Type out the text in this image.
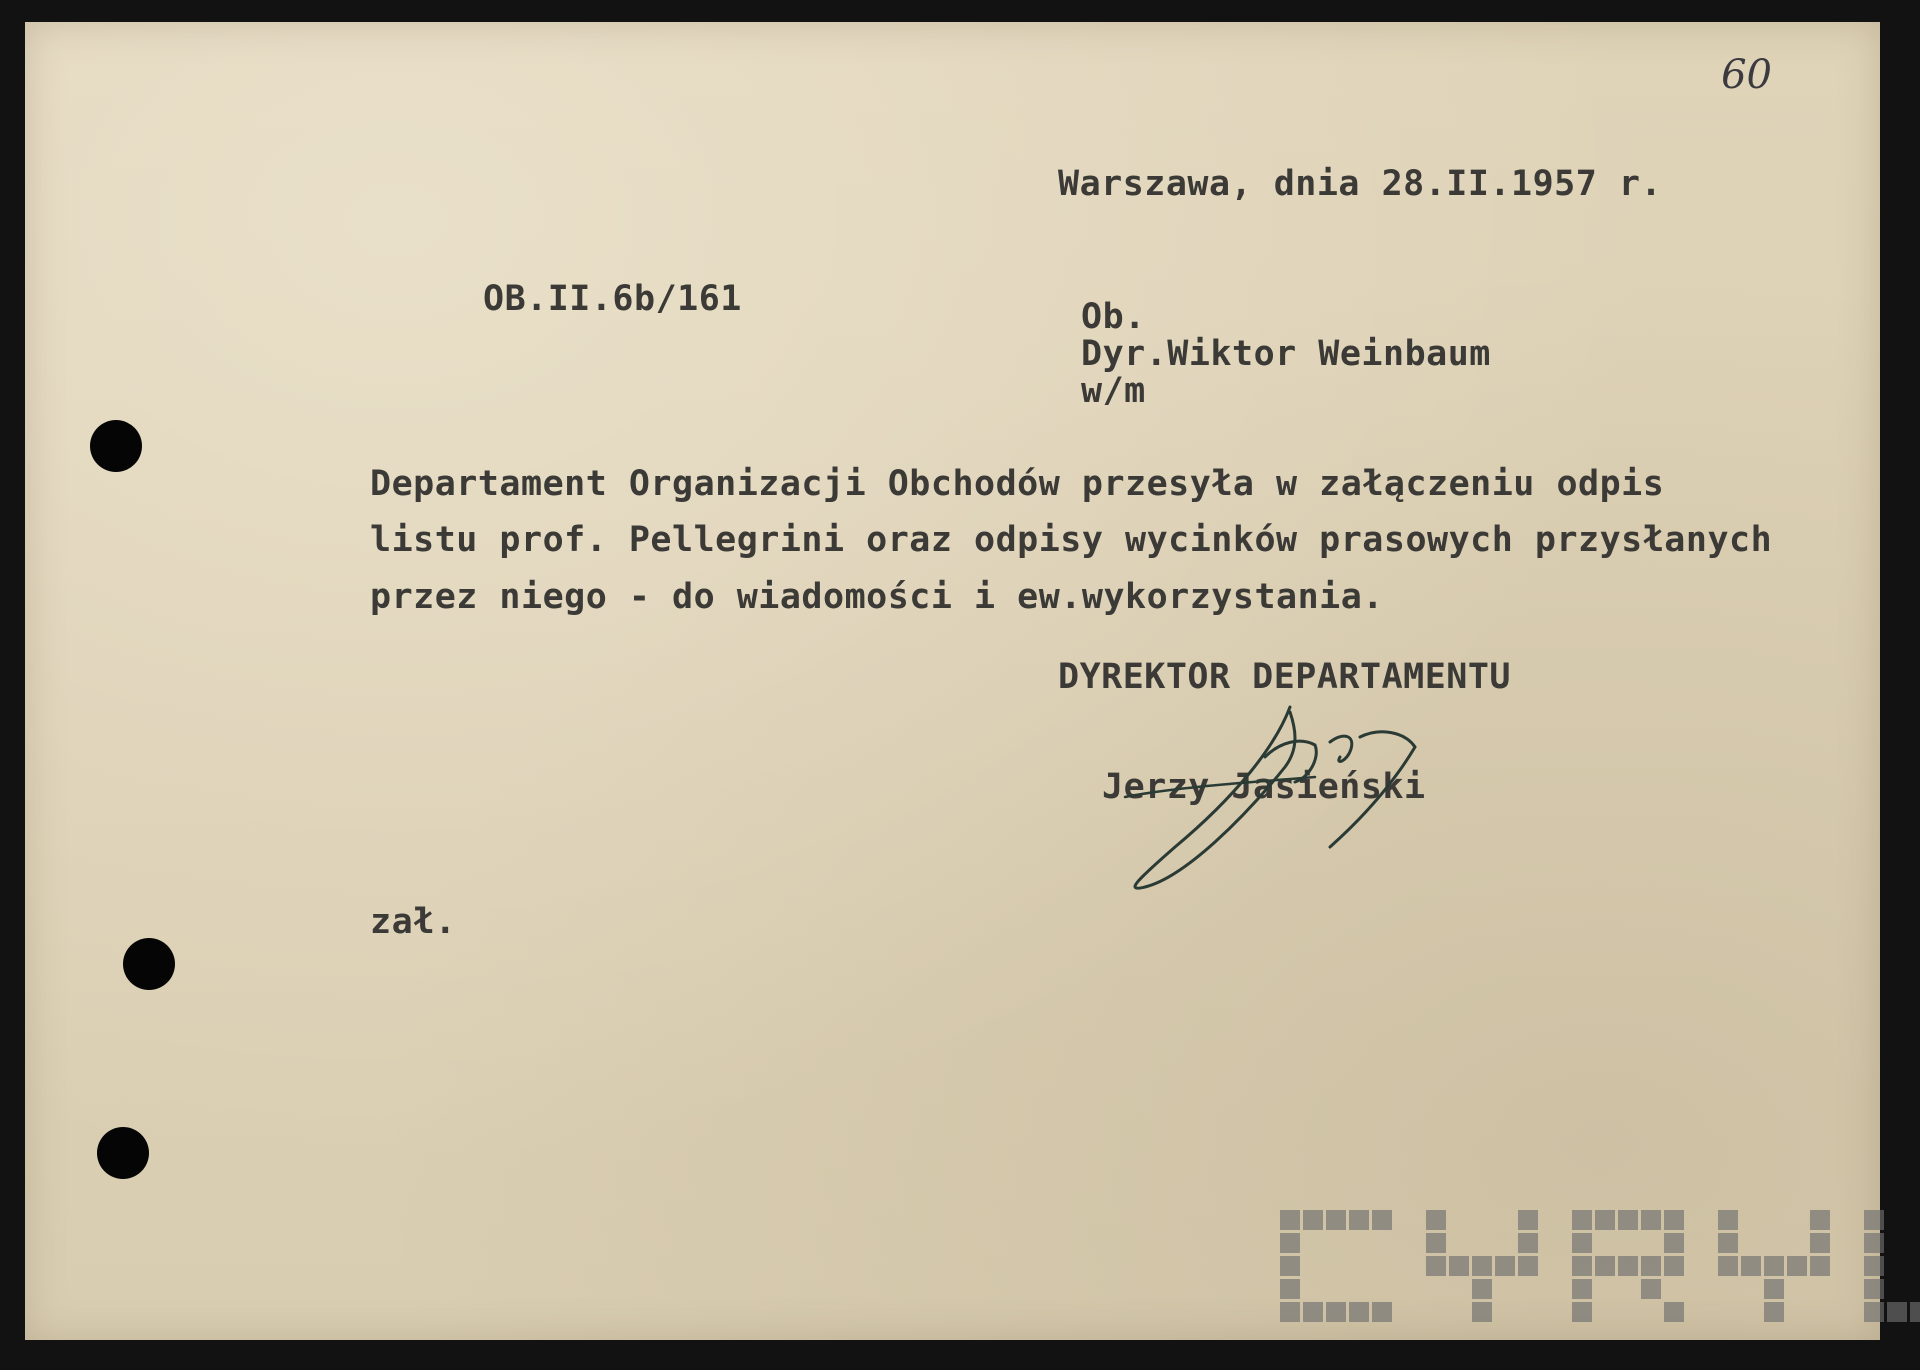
60

Warszawa, dnia 28.II.1957 r.

OB.II.6b/161	Ob.

Dyr.Wiktor Weinbaum

w/m

Departament Organizacji Obchodów przesyła w załączeniu odpis

listu prof. Pellegrini oraz odpisy wycinków prasowych przysłanych

przez niego - do wiadomości i ew.wykorzystania.

DYREKTOR DEPARTAMENTU

Jerzy Jasieński

zał.
